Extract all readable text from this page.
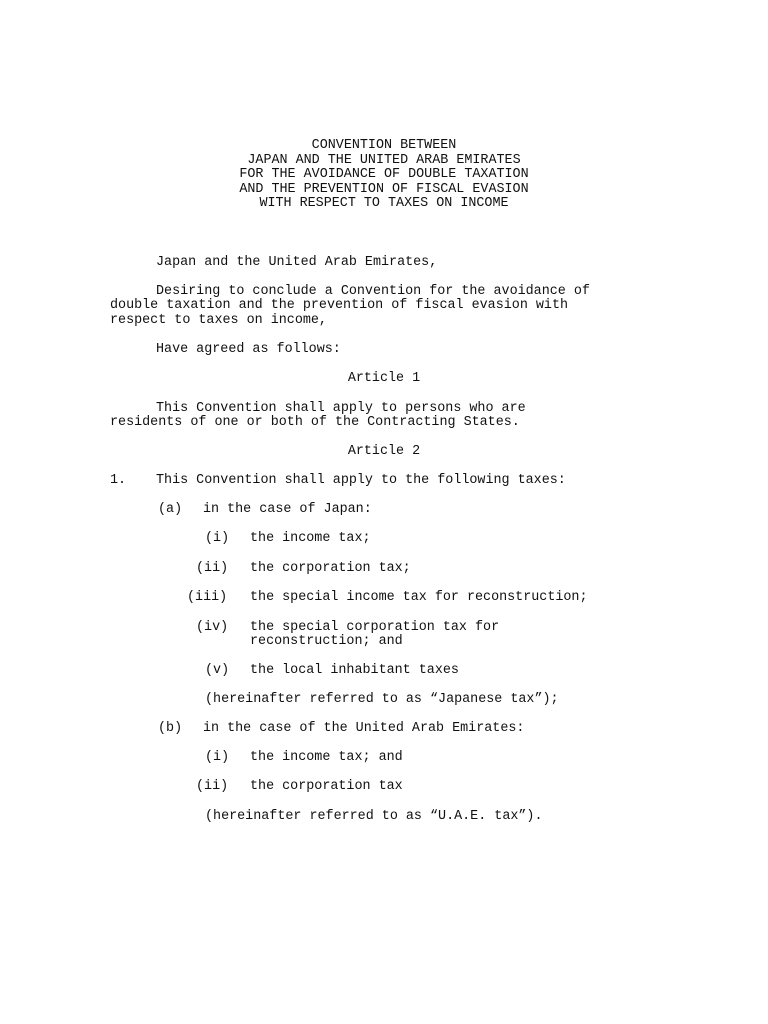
CONVENTION BETWEEN
JAPAN AND THE UNITED ARAB EMIRATES
FOR THE AVOIDANCE OF DOUBLE TAXATION
AND THE PREVENTION OF FISCAL EVASION
WITH RESPECT TO TAXES ON INCOME
Japan and the United Arab Emirates,
Desiring to conclude a Convention for the avoidance of
double taxation and the prevention of fiscal evasion with
respect to taxes on income,
Have agreed as follows:
Article 1
This Convention shall apply to persons who are
residents of one or both of the Contracting States.
Article 2
1. This Convention shall apply to the following taxes:
(a) in the case of Japan:
(i) the income tax;
(ii) the corporation tax;
(iii) the special income tax for reconstruction;
(iv) the special corporation tax for
reconstruction; and
(v) the local inhabitant taxes
(hereinafter referred to as “Japanese tax”);
(b) in the case of the United Arab Emirates:
(i) the income tax; and
(ii) the corporation tax
(hereinafter referred to as “U.A.E. tax”).
